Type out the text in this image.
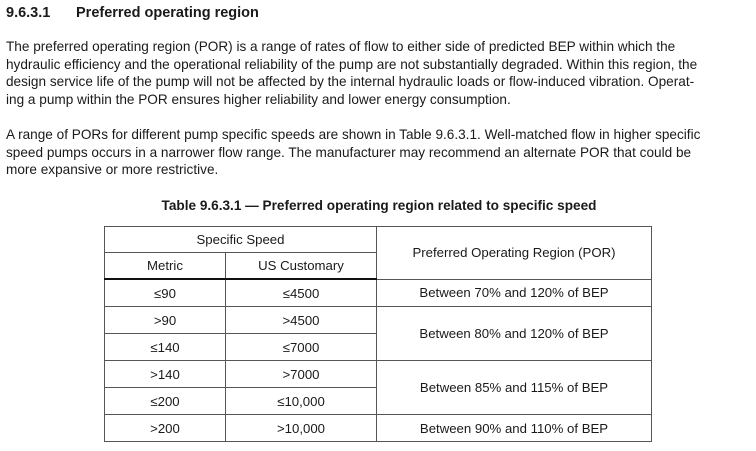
9.6.3.1 Preferred operating region
The preferred operating region (POR) is a range of rates of flow to either side of predicted BEP within which the
hydraulic efficiency and the operational reliability of the pump are not substantially degraded. Within this region, the
design service life of the pump will not be affected by the internal hydraulic loads or flow-induced vibration. Operat-
ing a pump within the POR ensures higher reliability and lower energy consumption.
A range of PORs for different pump specific speeds are shown in Table 9.6.3.1. Well-matched flow in higher specific
speed pumps occurs in a narrower flow range. The manufacturer may recommend an alternate POR that could be
more expansive or more restrictive.
Table 9.6.3.1 — Preferred operating region related to specific speed
Specific Speed		Preferred Operating Region (POR)
Metric	US Customary	
≤90	≤4500	Between 70% and 120% of BEP
>90	>4500	Between 80% and 120% of BEP
≤140	≤7000	
>140	>7000	Between 85% and 115% of BEP
≤200	≤10,000	
>200	>10,000	Between 90% and 110% of BEP
